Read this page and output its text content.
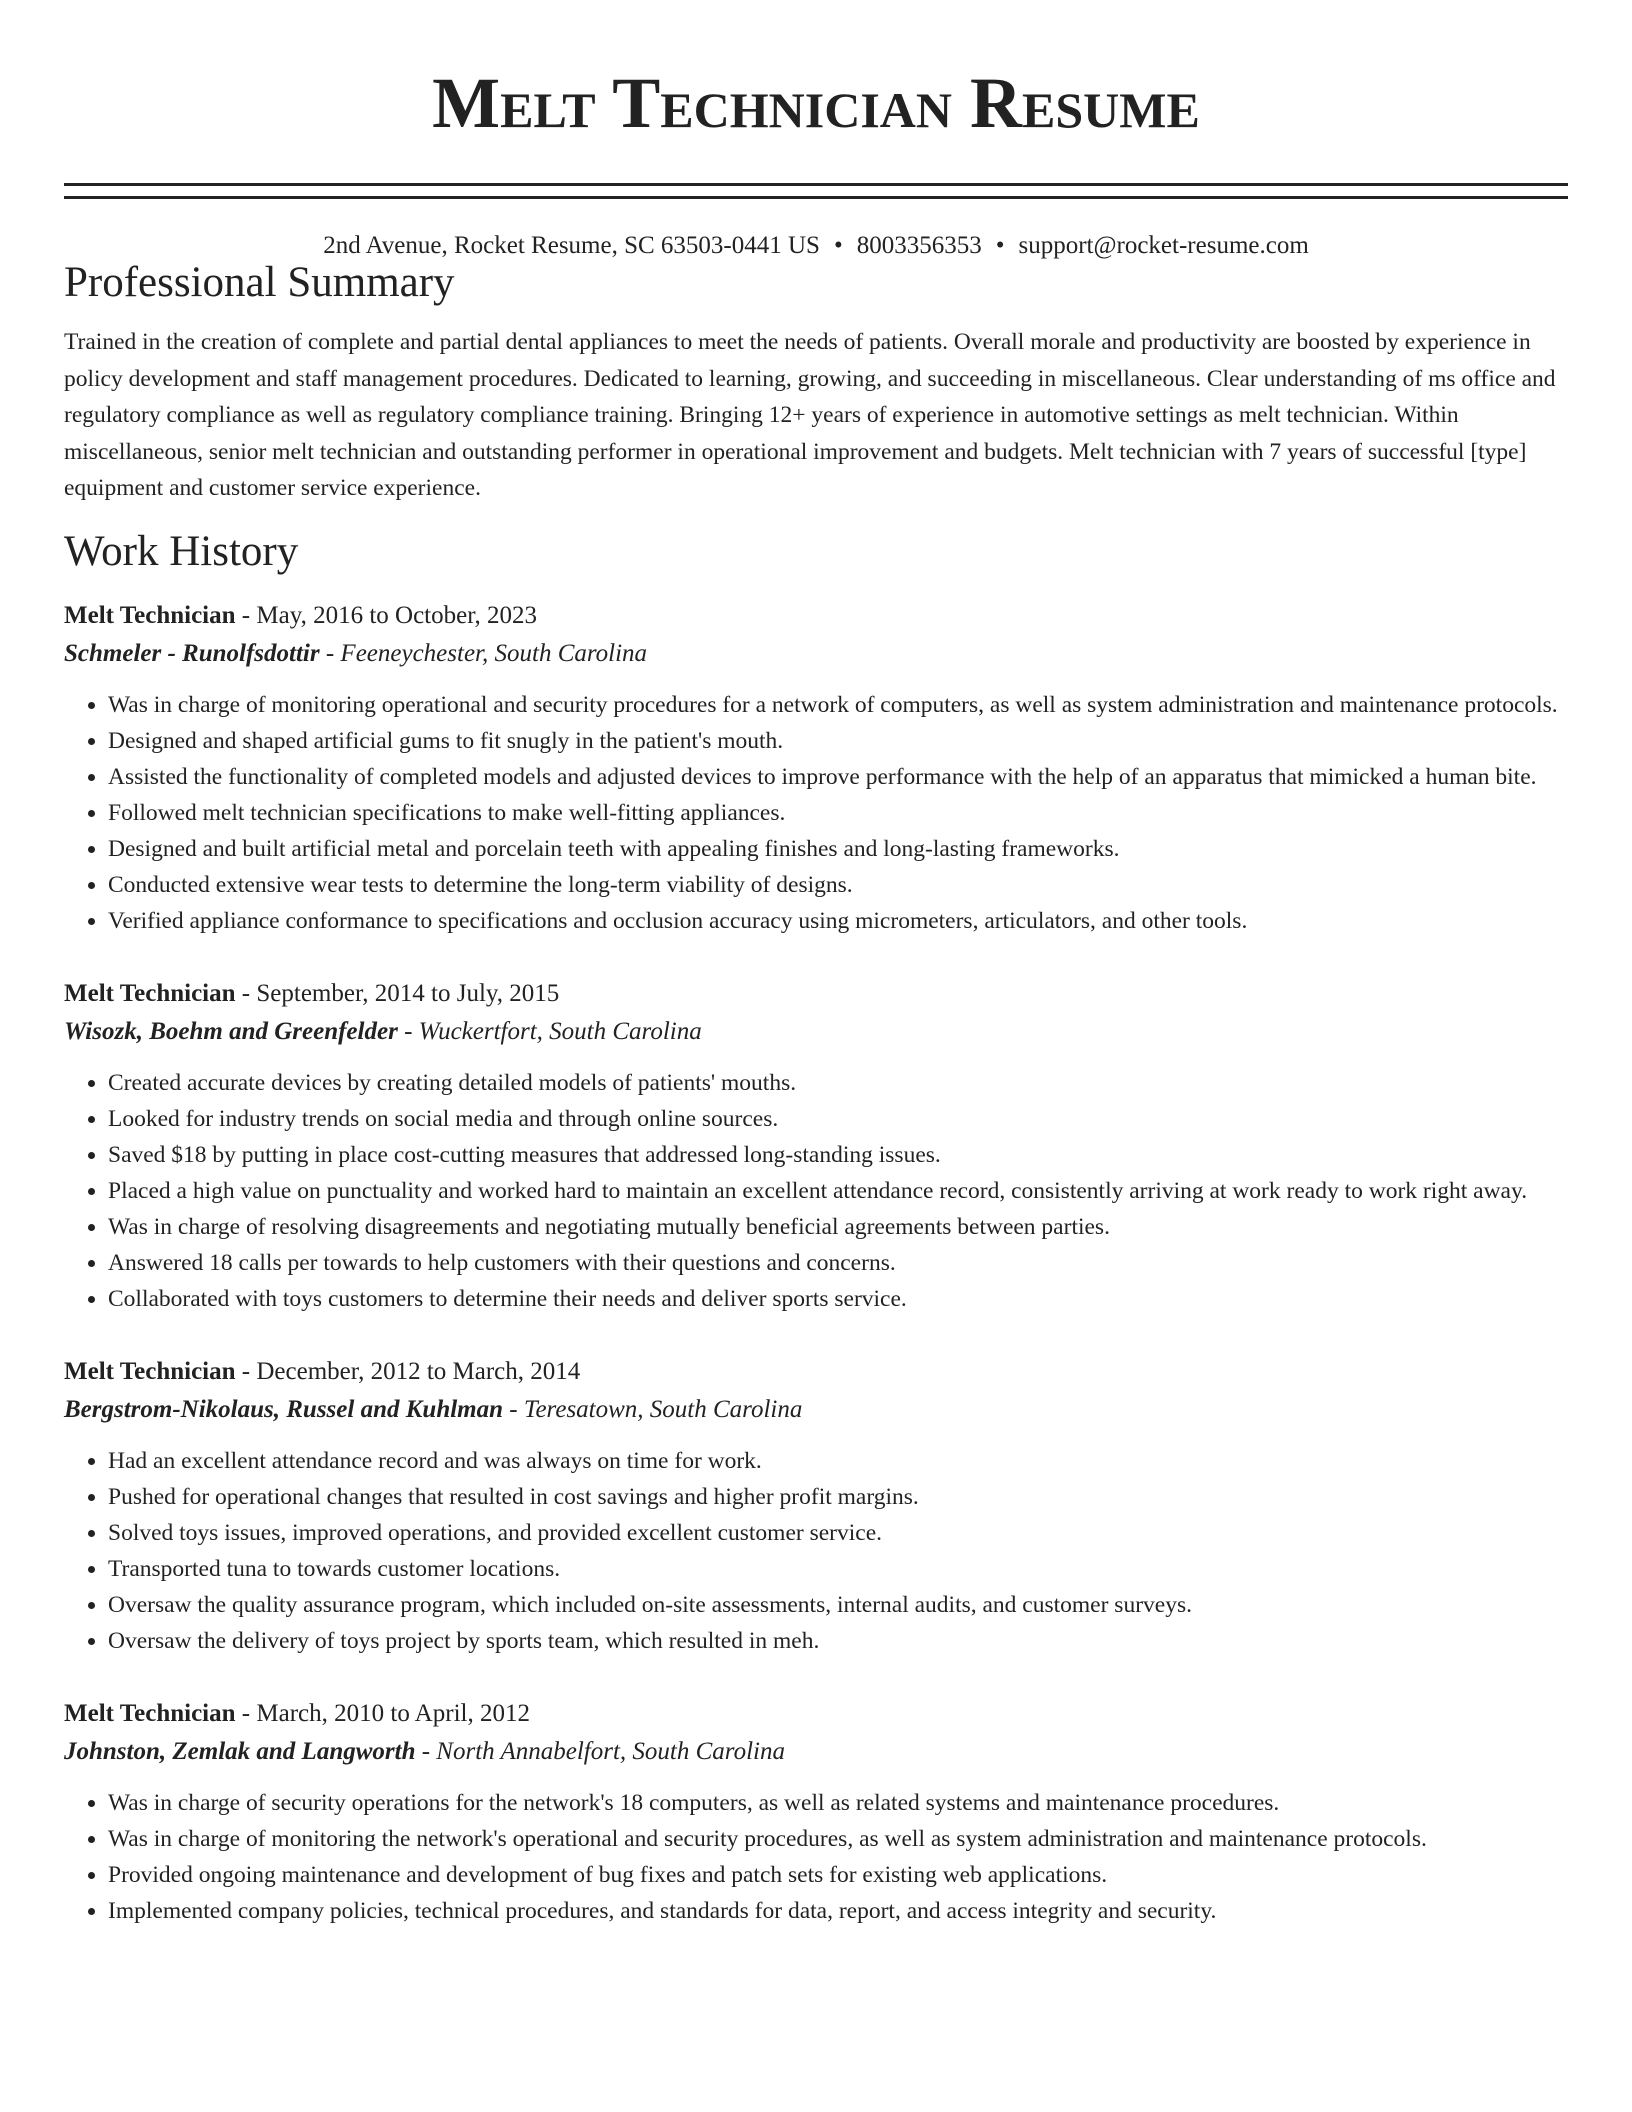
Melt Technician Resume
2nd Avenue, Rocket Resume, SC 63503-0441 US • 8003356353 • support@rocket-resume.com
Professional Summary

Trained in the creation of complete and partial dental appliances to meet the needs of patients. Overall morale and productivity are boosted by experience in policy development and staff management procedures. Dedicated to learning, growing, and succeeding in miscellaneous. Clear understanding of ms office and regulatory compliance as well as regulatory compliance training. Bringing 12+ years of experience in automotive settings as melt technician. Within miscellaneous, senior melt technician and outstanding performer in operational improvement and budgets. Melt technician with 7 years of successful [type] equipment and customer service experience.

Work History
Melt Technician - May, 2016 to October, 2023
Schmeler - Runolfsdottir - Feeneychester, South Carolina
• Was in charge of monitoring operational and security procedures for a network of computers, as well as system administration and maintenance protocols.
• Designed and shaped artificial gums to fit snugly in the patient's mouth.
• Assisted the functionality of completed models and adjusted devices to improve performance with the help of an apparatus that mimicked a human bite.
• Followed melt technician specifications to make well-fitting appliances.
• Designed and built artificial metal and porcelain teeth with appealing finishes and long-lasting frameworks.
• Conducted extensive wear tests to determine the long-term viability of designs.
• Verified appliance conformance to specifications and occlusion accuracy using micrometers, articulators, and other tools.
Melt Technician - September, 2014 to July, 2015
Wisozk, Boehm and Greenfelder - Wuckertfort, South Carolina
• Created accurate devices by creating detailed models of patients' mouths.
• Looked for industry trends on social media and through online sources.
• Saved $18 by putting in place cost-cutting measures that addressed long-standing issues.
• Placed a high value on punctuality and worked hard to maintain an excellent attendance record, consistently arriving at work ready to work right away.
• Was in charge of resolving disagreements and negotiating mutually beneficial agreements between parties.
• Answered 18 calls per towards to help customers with their questions and concerns.
• Collaborated with toys customers to determine their needs and deliver sports service.
Melt Technician - December, 2012 to March, 2014
Bergstrom-Nikolaus, Russel and Kuhlman - Teresatown, South Carolina
• Had an excellent attendance record and was always on time for work.
• Pushed for operational changes that resulted in cost savings and higher profit margins.
• Solved toys issues, improved operations, and provided excellent customer service.
• Transported tuna to towards customer locations.
• Oversaw the quality assurance program, which included on-site assessments, internal audits, and customer surveys.
• Oversaw the delivery of toys project by sports team, which resulted in meh.
Melt Technician - March, 2010 to April, 2012
Johnston, Zemlak and Langworth - North Annabelfort, South Carolina
• Was in charge of security operations for the network's 18 computers, as well as related systems and maintenance procedures.
• Was in charge of monitoring the network's operational and security procedures, as well as system administration and maintenance protocols.
• Provided ongoing maintenance and development of bug fixes and patch sets for existing web applications.
• Implemented company policies, technical procedures, and standards for data, report, and access integrity and security.
